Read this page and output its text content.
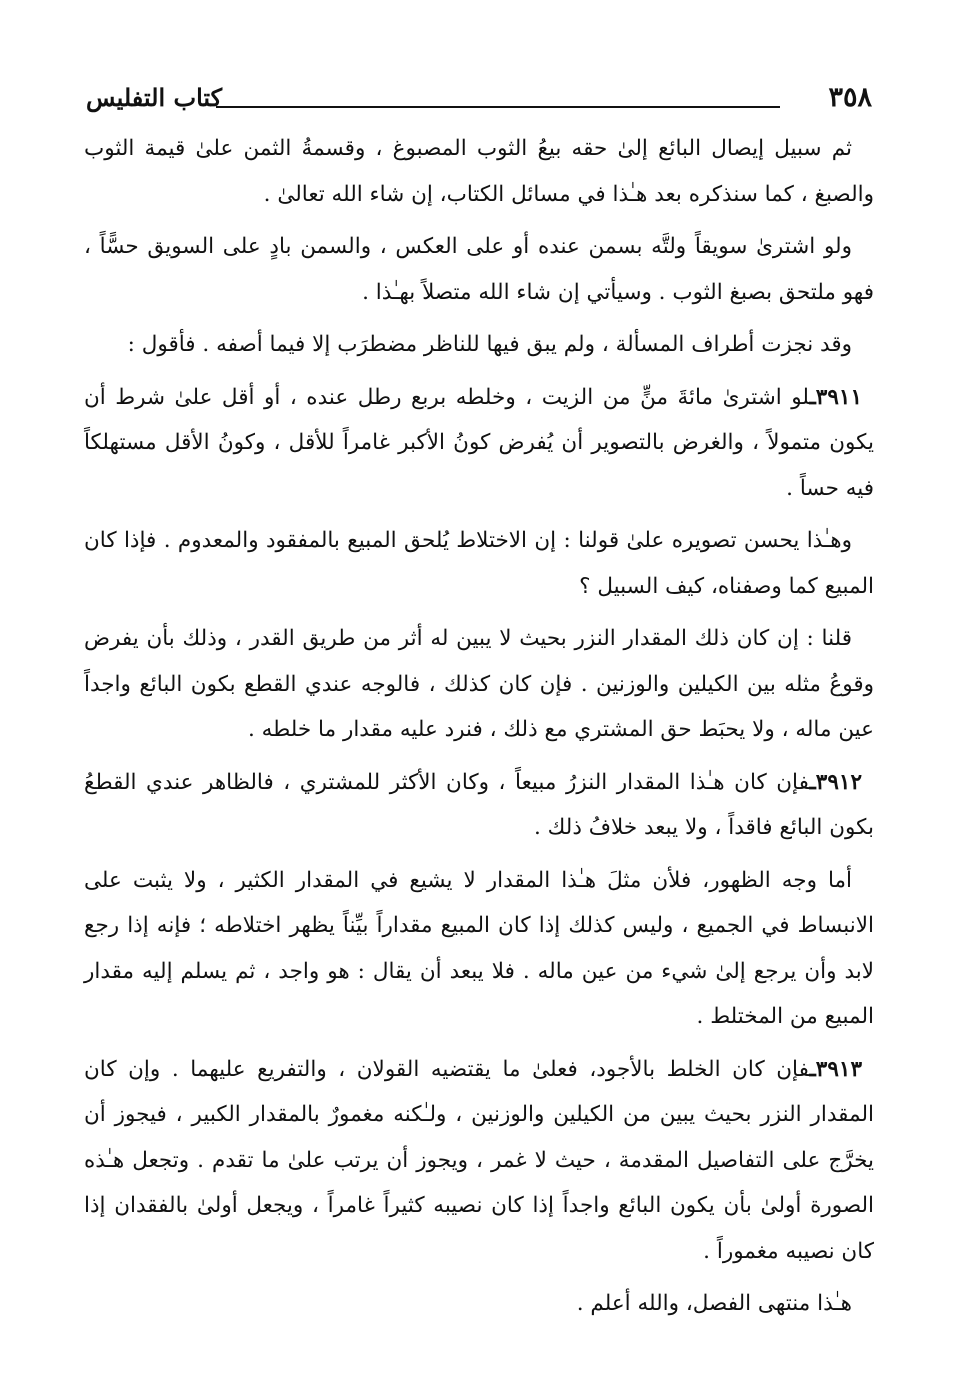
٣٥٨
كتاب التفليس

ثم سبيل إيصال البائع إلىٰ حقه بيعُ الثوب المصبوغ ، وقسمةُ الثمن علىٰ قيمة الثوب والصبغ ، كما سنذكره بعد هـٰذا في مسائل الكتاب، إن شاء الله تعالىٰ .

ولو اشترىٰ سويقاً ولتَّه بسمن عنده أو على العكس ، والسمن بادٍ على السويق حسًّاً ، فهو ملتحق بصبغ الثوب . وسيأتي إن شاء الله متصلاً بهـٰذا .

وقد نجزت أطراف المسألة ، ولم يبق فيها للناظر مضطرَب إلا فيما أصفه . فأقول :

٣٩١١ـلو اشترىٰ مائةَ منٍّ من الزيت ، وخلطه بربع رطل عنده ، أو أقل علىٰ شرط أن يكون متمولاً ، والغرض بالتصوير أن يُفرض كونُ الأكبر غامراً للأقل ، وكونُ الأقل مستهلكاً فيه حساً .

وهـٰذا يحسن تصويره علىٰ قولنا : إن الاختلاط يُلحق المبيع بالمفقود والمعدوم . فإذا كان المبيع كما وصفناه، كيف السبيل ؟

قلنا : إن كان ذلك المقدار النزر بحيث لا يبين له أثر من طريق القدر ، وذلك بأن يفرض وقوعُ مثله بين الكيلين والوزنين . فإن كان كذلك ، فالوجه عندي القطع بكون البائع واجداً عين ماله ، ولا يحبَط حق المشتري مع ذلك ، فنرد عليه مقدار ما خلطه .

٣٩١٢ـفإن كان هـٰذا المقدار النزرُ مبيعاً ، وكان الأكثر للمشتري ، فالظاهر عندي القطعُ بكون البائع فاقداً ، ولا يبعد خلافُ ذلك .

أما وجه الظهور، فلأن مثلَ هـٰذا المقدار لا يشيع في المقدار الكثير ، ولا يثبت على الانبساط في الجميع ، وليس كذلك إذا كان المبيع مقداراً بيِّناً يظهر اختلاطه ؛ فإنه إذا رجع لابد وأن يرجع إلىٰ شيء من عين ماله . فلا يبعد أن يقال : هو واجد ، ثم يسلم إليه مقدار المبيع من المختلط .

٣٩١٣ـفإن كان الخلط بالأجود، فعلىٰ ما يقتضيه القولان ، والتفريع عليهما . وإن كان المقدار النزر بحيث يبين من الكيلين والوزنين ، ولـٰكنه مغمورٌ بالمقدار الكبير ، فيجوز أن يخرَّج على التفاصيل المقدمة ، حيث لا غمر ، ويجوز أن يرتب علىٰ ما تقدم . وتجعل هـٰذه الصورة أولىٰ بأن يكون البائع واجداً إذا كان نصيبه كثيراً غامراً ، ويجعل أولىٰ بالفقدان إذا كان نصيبه مغموراً .

هـٰذا منتهى الفصل، والله أعلم .
